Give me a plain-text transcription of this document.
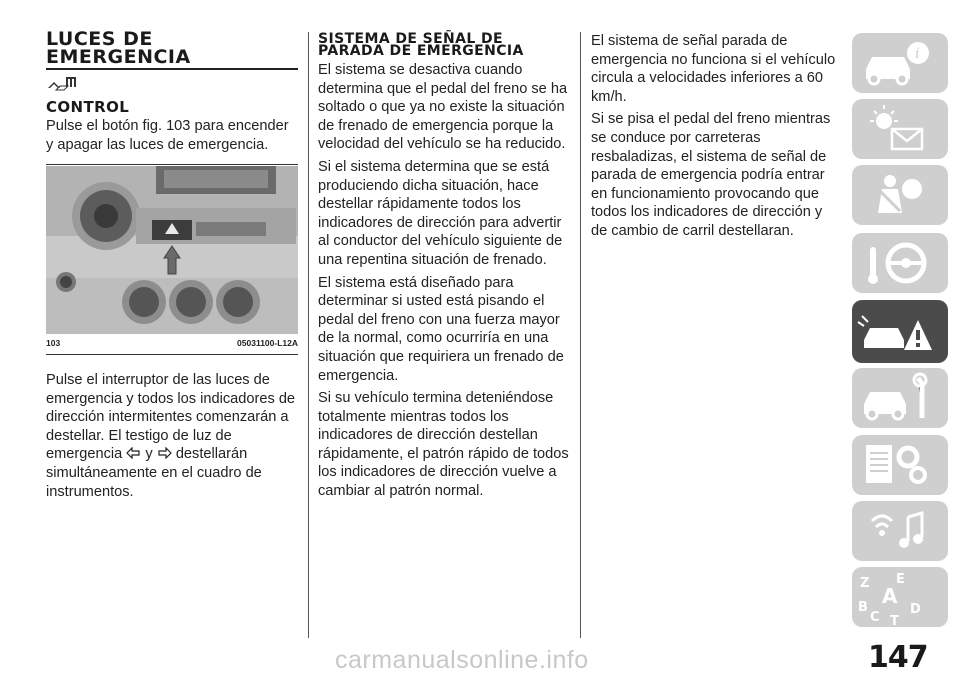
LUCES DE EMERGENCIA
CONTROL

Pulse el botón fig. 103 para encender y apagar las luces de emergencia.

103	05031100-L12A

Pulse el interruptor de las luces de emergencia y todos los indicadores de dirección intermitentes comenzarán a destellar. El testigo de luz de emergencia y destellarán simultáneamente en el cuadro de instrumentos.

SISTEMA DE SEÑAL DE PARADA DE EMERGENCIA

El sistema se desactiva cuando determina que el pedal del freno se ha soltado o que ya no existe la situación de frenado de emergencia porque la velocidad del vehículo se ha reducido.

Si el sistema determina que se está produciendo dicha situación, hace destellar rápidamente todos los indicadores de dirección para advertir al conductor del vehículo siguiente de una repentina situación de frenado.

El sistema está diseñado para determinar si usted está pisando el pedal del freno con una fuerza mayor de la normal, como ocurriría en una situación que requiriera un frenado de emergencia.

Si su vehículo termina deteniéndose totalmente mientras todos los indicadores de dirección destellan rápidamente, el patrón rápido de todos los indicadores de dirección vuelve a cambiar al patrón normal.

El sistema de señal parada de emergencia no funciona si el vehículo circula a velocidades inferiores a 60 km/h.

Si se pisa el pedal del freno mientras se conduce por carreteras resbaladizas, el sistema de señal de parada de emergencia podría entrar en funcionamiento provocando que todos los indicadores de dirección y de cambio de carril destellaran.

i
Z E
B A
C
D
T
147
carmanualsonline.info
